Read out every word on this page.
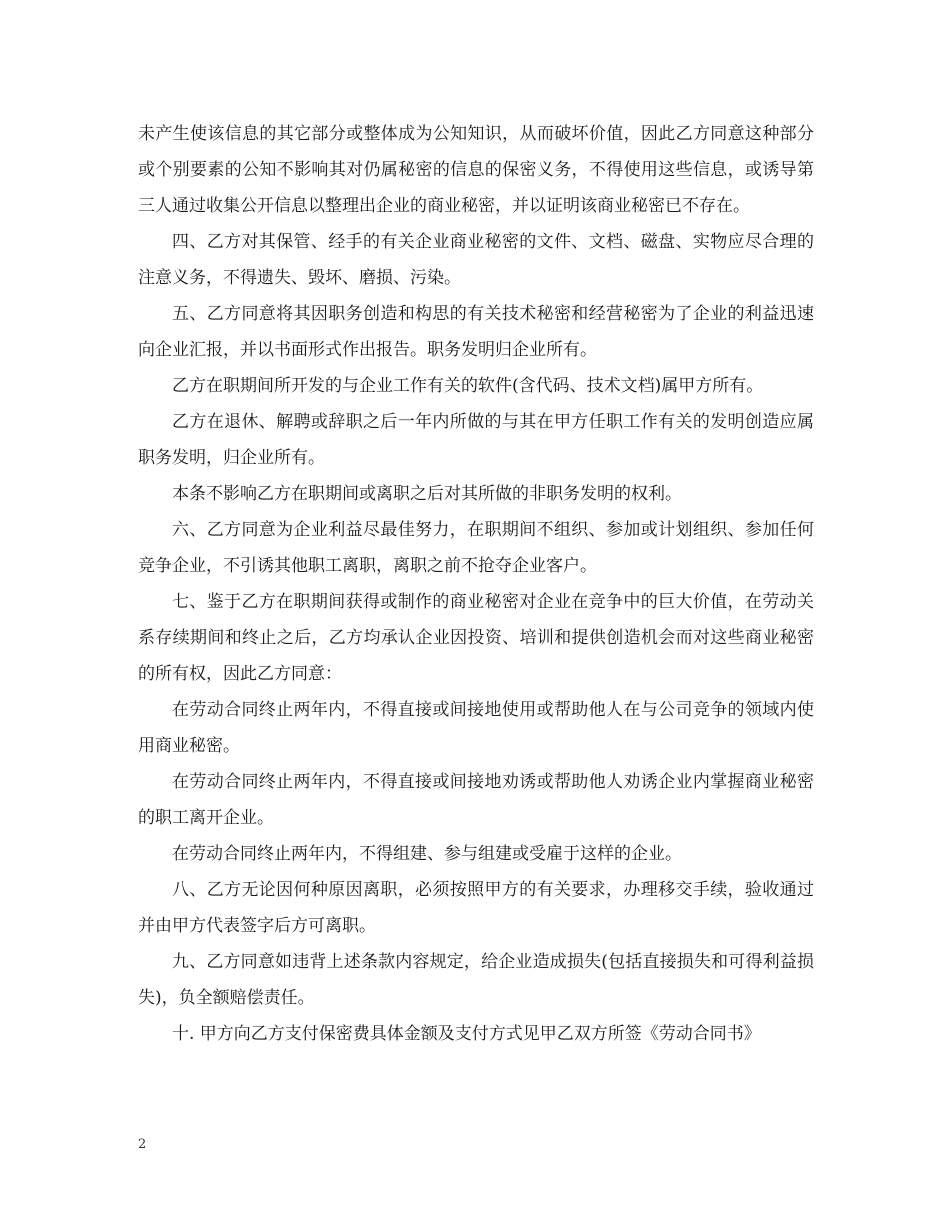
未产生使该信息的其它部分或整体成为公知知识，从而破坏价值，因此乙方同意这种部分或个别要素的公知不影响其对仍属秘密的信息的保密义务，不得使用这些信息，或诱导第三人通过收集公开信息以整理出企业的商业秘密，并以证明该商业秘密已不存在。

四、乙方对其保管、经手的有关企业商业秘密的文件、文档、磁盘、实物应尽合理的注意义务，不得遗失、毁坏、磨损、污染。

五、乙方同意将其因职务创造和构思的有关技术秘密和经营秘密为了企业的利益迅速向企业汇报，并以书面形式作出报告。职务发明归企业所有。

乙方在职期间所开发的与企业工作有关的软件(含代码、技术文档)属甲方所有。

乙方在退休、解聘或辞职之后一年内所做的与其在甲方任职工作有关的发明创造应属职务发明，归企业所有。

本条不影响乙方在职期间或离职之后对其所做的非职务发明的权利。

六、乙方同意为企业利益尽最佳努力，在职期间不组织、参加或计划组织、参加任何竞争企业，不引诱其他职工离职，离职之前不抢夺企业客户。

七、鉴于乙方在职期间获得或制作的商业秘密对企业在竞争中的巨大价值，在劳动关系存续期间和终止之后，乙方均承认企业因投资、培训和提供创造机会而对这些商业秘密的所有权，因此乙方同意：

在劳动合同终止两年内，不得直接或间接地使用或帮助他人在与公司竞争的领域内使用商业秘密。

在劳动合同终止两年内，不得直接或间接地劝诱或帮助他人劝诱企业内掌握商业秘密的职工离开企业。

在劳动合同终止两年内，不得组建、参与组建或受雇于这样的企业。

八、乙方无论因何种原因离职，必须按照甲方的有关要求，办理移交手续，验收通过并由甲方代表签字后方可离职。

九、乙方同意如违背上述条款内容规定，给企业造成损失(包括直接损失和可得利益损失)，负全额赔偿责任。

十. 甲方向乙方支付保密费具体金额及支付方式见甲乙双方所签《劳动合同书》

2
